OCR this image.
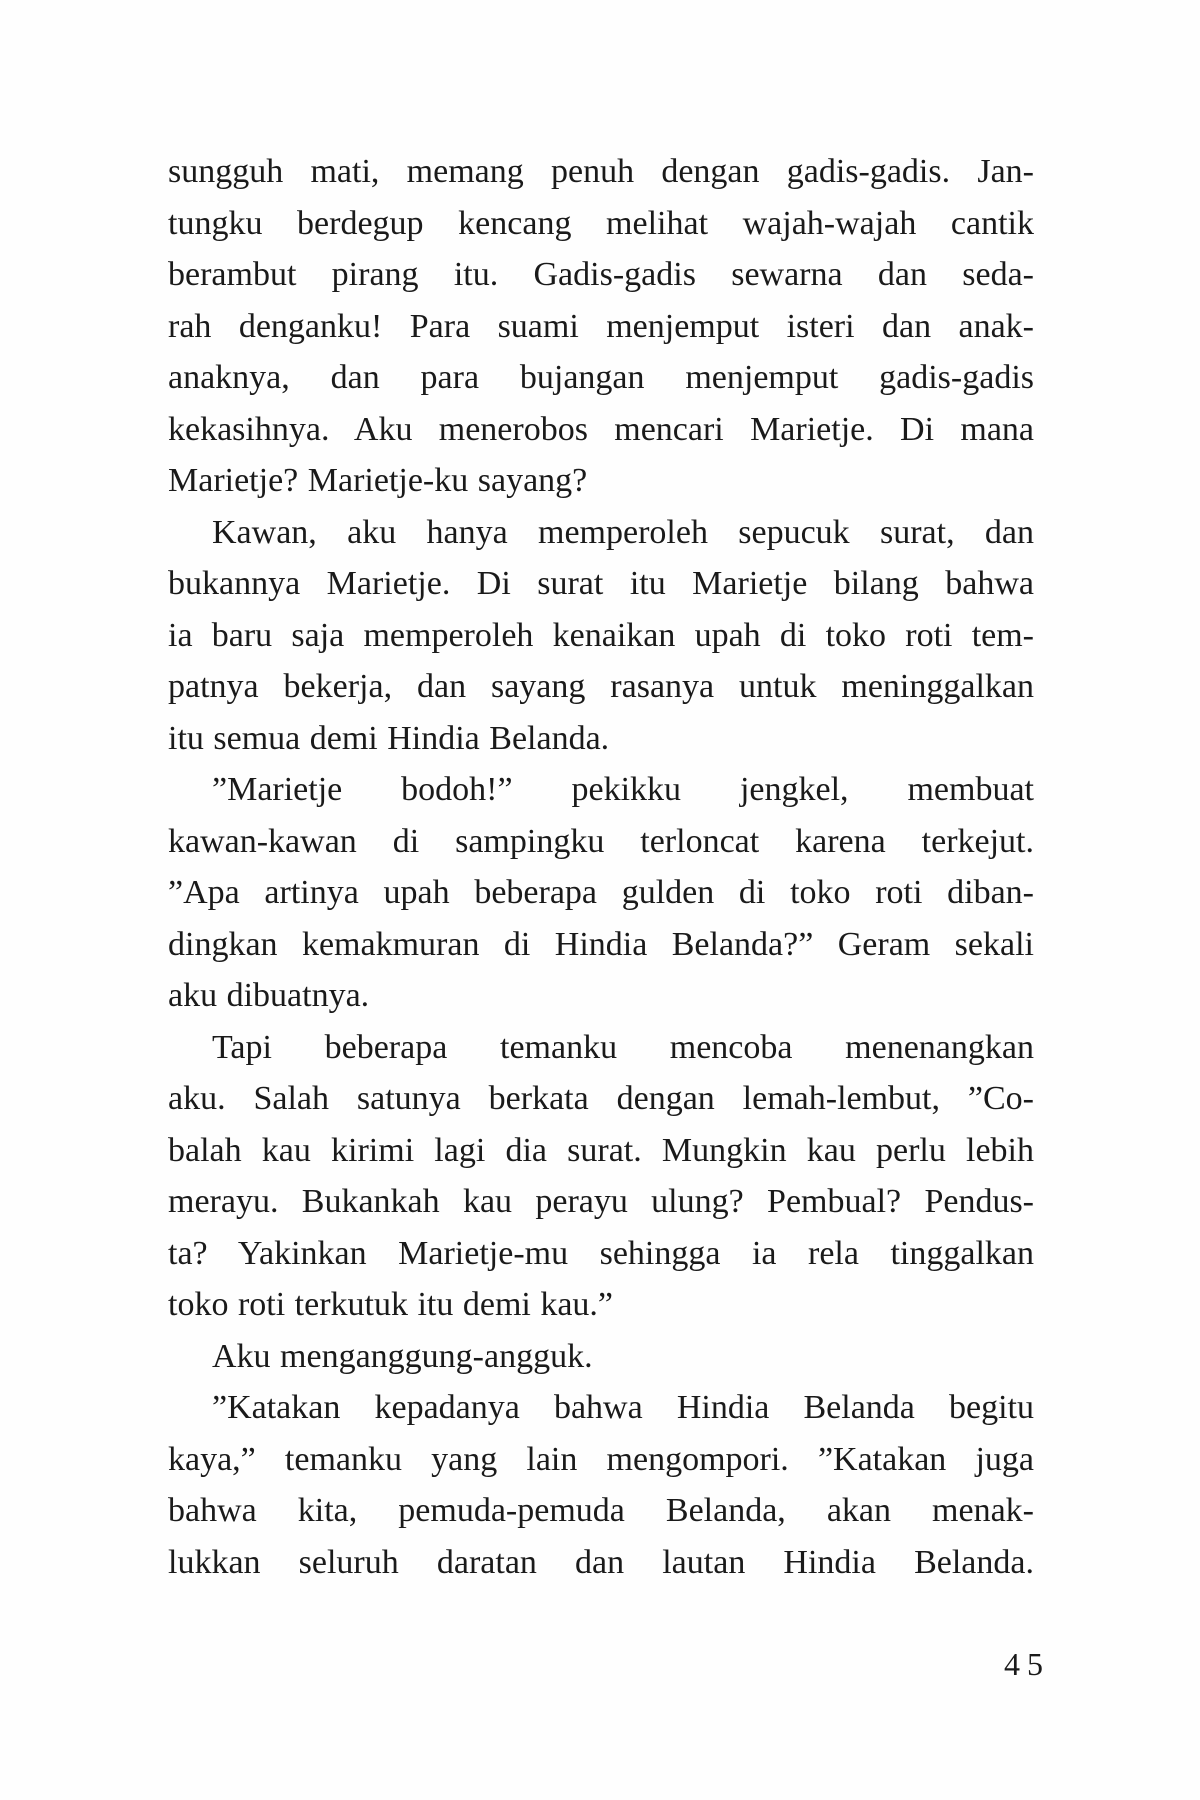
sungguh mati, memang penuh dengan gadis-gadis. Jan-
tungku berdegup kencang melihat wajah-wajah cantik
berambut pirang itu. Gadis-gadis sewarna dan seda-
rah denganku! Para suami menjemput isteri dan anak-
anaknya, dan para bujangan menjemput gadis-gadis
kekasihnya. Aku menerobos mencari Marietje. Di mana
Marietje? Marietje-ku sayang?
Kawan, aku hanya memperoleh sepucuk surat, dan
bukannya Marietje. Di surat itu Marietje bilang bahwa
ia baru saja memperoleh kenaikan upah di toko roti tem-
patnya bekerja, dan sayang rasanya untuk meninggalkan
itu semua demi Hindia Belanda.
”Marietje bodoh!” pekikku jengkel, membuat
kawan-kawan di sampingku terloncat karena terkejut.
”Apa artinya upah beberapa gulden di toko roti diban-
dingkan kemakmuran di Hindia Belanda?” Geram sekali
aku dibuatnya.
Tapi beberapa temanku mencoba menenangkan
aku. Salah satunya berkata dengan lemah-lembut, ”Co-
balah kau kirimi lagi dia surat. Mungkin kau perlu lebih
merayu. Bukankah kau perayu ulung? Pembual? Pendus-
ta? Yakinkan Marietje-mu sehingga ia rela tinggalkan
toko roti terkutuk itu demi kau.”
Aku menganggung-angguk.
”Katakan kepadanya bahwa Hindia Belanda begitu
kaya,” temanku yang lain mengompori. ”Katakan juga
bahwa kita, pemuda-pemuda Belanda, akan menak-
lukkan seluruh daratan dan lautan Hindia Belanda.
45
